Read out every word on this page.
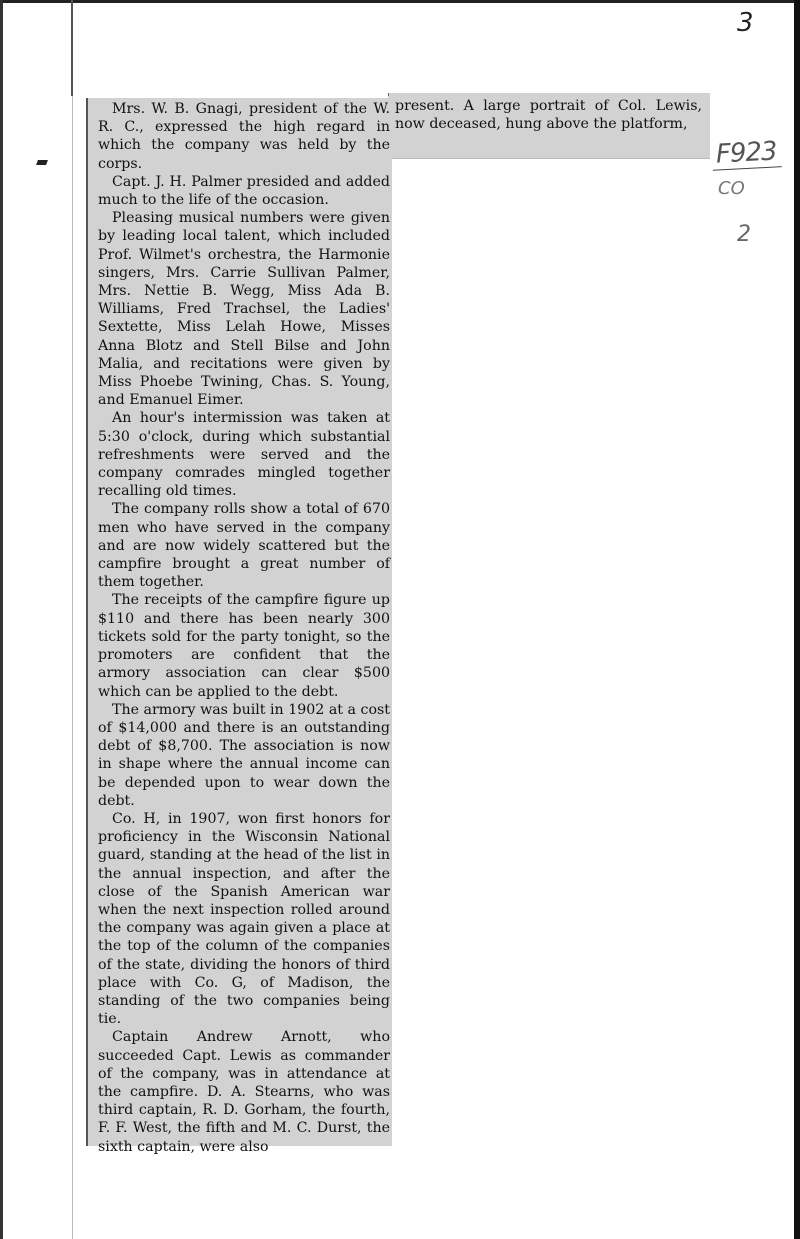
3
F923
CO
2

present. A large portrait of Col. Lewis, now deceased, hung above the platform,

Mrs. W. B. Gnagi, president of the W. R. C., expressed the high regard in which the company was held by the corps.

Capt. J. H. Palmer presided and added much to the life of the occasion.

Pleasing musical numbers were given by leading local talent, which included Prof. Wilmet's orchestra, the Harmonie singers, Mrs. Carrie Sullivan Palmer, Mrs. Nettie B. Wegg, Miss Ada B. Williams, Fred Trachsel, the Ladies' Sextette, Miss Lelah Howe, Misses Anna Blotz and Stell Bilse and John Malia, and recitations were given by Miss Phoebe Twining, Chas. S. Young, and Emanuel Eimer.

An hour's intermission was taken at 5:30 o'clock, during which substantial refreshments were served and the company comrades mingled together recalling old times.

The company rolls show a total of 670 men who have served in the company and are now widely scattered but the campfire brought a great number of them together.

The receipts of the campfire figure up $110 and there has been nearly 300 tickets sold for the party tonight, so the promoters are confident that the armory association can clear $500 which can be applied to the debt.

The armory was built in 1902 at a cost of $14,000 and there is an outstanding debt of $8,700. The association is now in shape where the annual income can be depended upon to wear down the debt.

Co. H, in 1907, won first honors for proficiency in the Wisconsin National guard, standing at the head of the list in the annual inspection, and after the close of the Spanish American war when the next inspection rolled around the company was again given a place at the top of the column of the companies of the state, dividing the honors of third place with Co. G, of Madison, the standing of the two companies being tie.

Captain Andrew Arnott, who succeeded Capt. Lewis as commander of the company, was in attendance at the campfire. D. A. Stearns, who was third captain, R. D. Gorham, the fourth, F. F. West, the fifth and M. C. Durst, the sixth captain, were also
